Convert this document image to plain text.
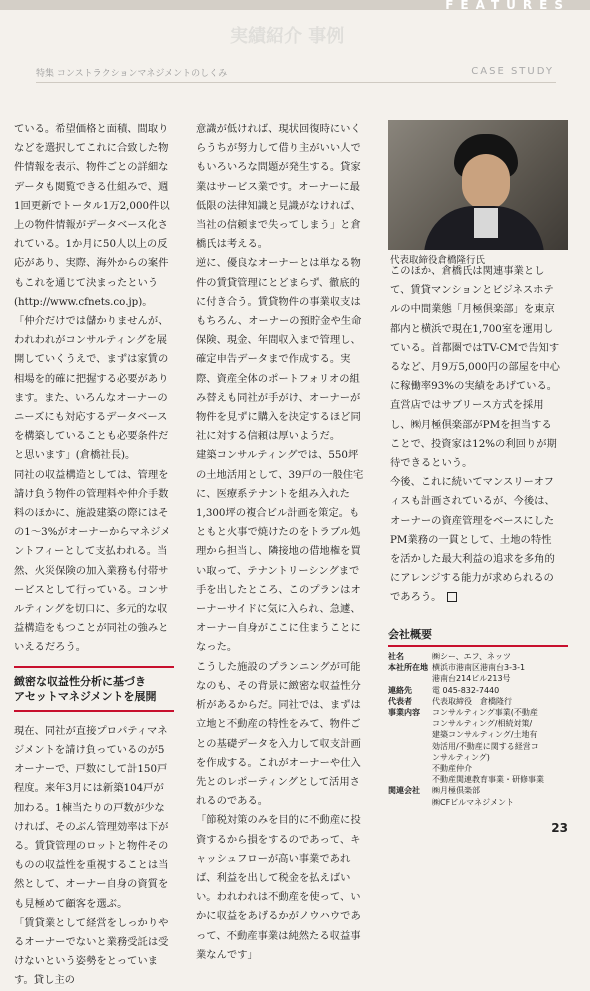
FEATURES
実績紹介 事例
特集 コンストラクションマネジメントのしくみ	CASE STUDY

ている。希望価格と面積、間取りなどを選択してこれに合致した物件情報を表示、物件ごとの詳細なデータも閲覧できる仕組みで、週1回更新でトータル1万2,000件以上の物件情報がデータベース化されている。1か月に50人以上の反応があり、実際、海外からの案件もこれを通じて決まったという (http://www.cfnets.co.jp)。

「仲介だけでは儲かりませんが、われわれがコンサルティングを展開していくうえで、まずは家賃の相場を的確に把握する必要があります。また、いろんなオーナーのニーズにも対応するデータベースを構築していることも必要条件だと思います」(倉橋社長)。

同社の収益構造としては、管理を請け負う物件の管理料や仲介手数料のほかに、施設建築の際にはその1〜3%がオーナーからマネジメントフィーとして支払われる。当然、火災保険の加入業務も付帯サービスとして行っている。コンサルティングを切口に、多元的な収益構造をもつことが同社の強みといえるだろう。

緻密な収益性分析に基づき
アセットマネジメントを展開

現在、同社が直接プロパティマネジメントを請け負っているのが5オーナーで、戸数にして計150戸程度。来年3月には新築104戸が加わる。1棟当たりの戸数が少なければ、そのぶん管理効率は下がる。賃貸管理のロットと物件そのものの収益性を重視することは当然として、オーナー自身の資質をも見極めて顧客を選ぶ。

「賃貸業として経営をしっかりやるオーナーでないと業務受託は受けないという姿勢をとっています。貸し主の

意識が低ければ、現状回復時にいくらうちが努力して借り主がいい人でもいろいろな問題が発生する。貸家業はサービス業です。オーナーに最低限の法律知識と見識がなければ、当社の信頼まで失ってしまう」と倉橋氏は考える。

逆に、優良なオーナーとは単なる物件の賃貸管理にとどまらず、徹底的に付き合う。賃貸物件の事業収支はもちろん、オーナーの預貯金や生命保険、現金、年間収入まで管理し、確定申告データまで作成する。実際、資産全体のポートフォリオの組み替えも同社が手がけ、オーナーが物件を見ずに購入を決定するほど同社に対する信頼は厚いようだ。

建築コンサルティングでは、550坪の土地活用として、39戸の一般住宅に、医療系テナントを組み入れた1,300坪の複合ビル計画を策定。もともと火事で焼けたのをトラブル処理から担当し、隣接地の借地権を買い取って、テナントリーシングまで手を出したところ、このプランはオーナーサイドに気に入られ、急遽、オーナー自身がここに住まうことになった。

こうした施設のプランニングが可能なのも、その背景に緻密な収益性分析があるからだ。同社では、まずは立地と不動産の特性をみて、物件ごとの基礎データを入力して収支計画を作成する。これがオーナーや仕入先とのレポーティングとして活用されるのである。

「節税対策のみを目的に不動産に投資するから損をするのであって、キャッシュフローが高い事業であれば、利益を出して税金を払えばいい。われわれは不動産を使って、いかに収益をあげるかがノウハウであって、不動産事業は純然たる収益事業なんです」

代表取締役倉橋隆行氏

このほか、倉橋氏は関連事業として、賃貸マンションとビジネスホテルの中間業態「月極倶楽部」を東京都内と横浜で現在1,700室を運用している。首都圏ではTV-CMで告知するなど、月9万5,000円の部屋を中心に稼働率93%の実績をあげている。直営店ではサブリース方式を採用し、㈱月極倶楽部がPMを担当することで、投資家は12%の利回りが期待できるという。

今後、これに続いてマンスリーオフィスも計画されているが、今後は、オーナーの資産管理をベースにしたPM業務の一貫として、土地の特性を活かした最大利益の追求を多角的にアレンジする能力が求められるのであろう。

会社概要
社名	㈱シー、エフ、ネッツ
本社所在地 横浜市港南区港南台3-3-1
港南台214ビル213号
連絡先	電 045-832-7440
代表者	代表取締役　倉橋隆行
事業内容	コンサルティング事業(不動産
コンサルティング/相続対策/
建築コンサルティング/土地有
効活用/不動産に関する経営コ
ンサルティング)
不動産仲介
不動産関連教育事業・研修事業
関連会社	㈱月極倶楽部
㈱CFビルマネジメント
23
